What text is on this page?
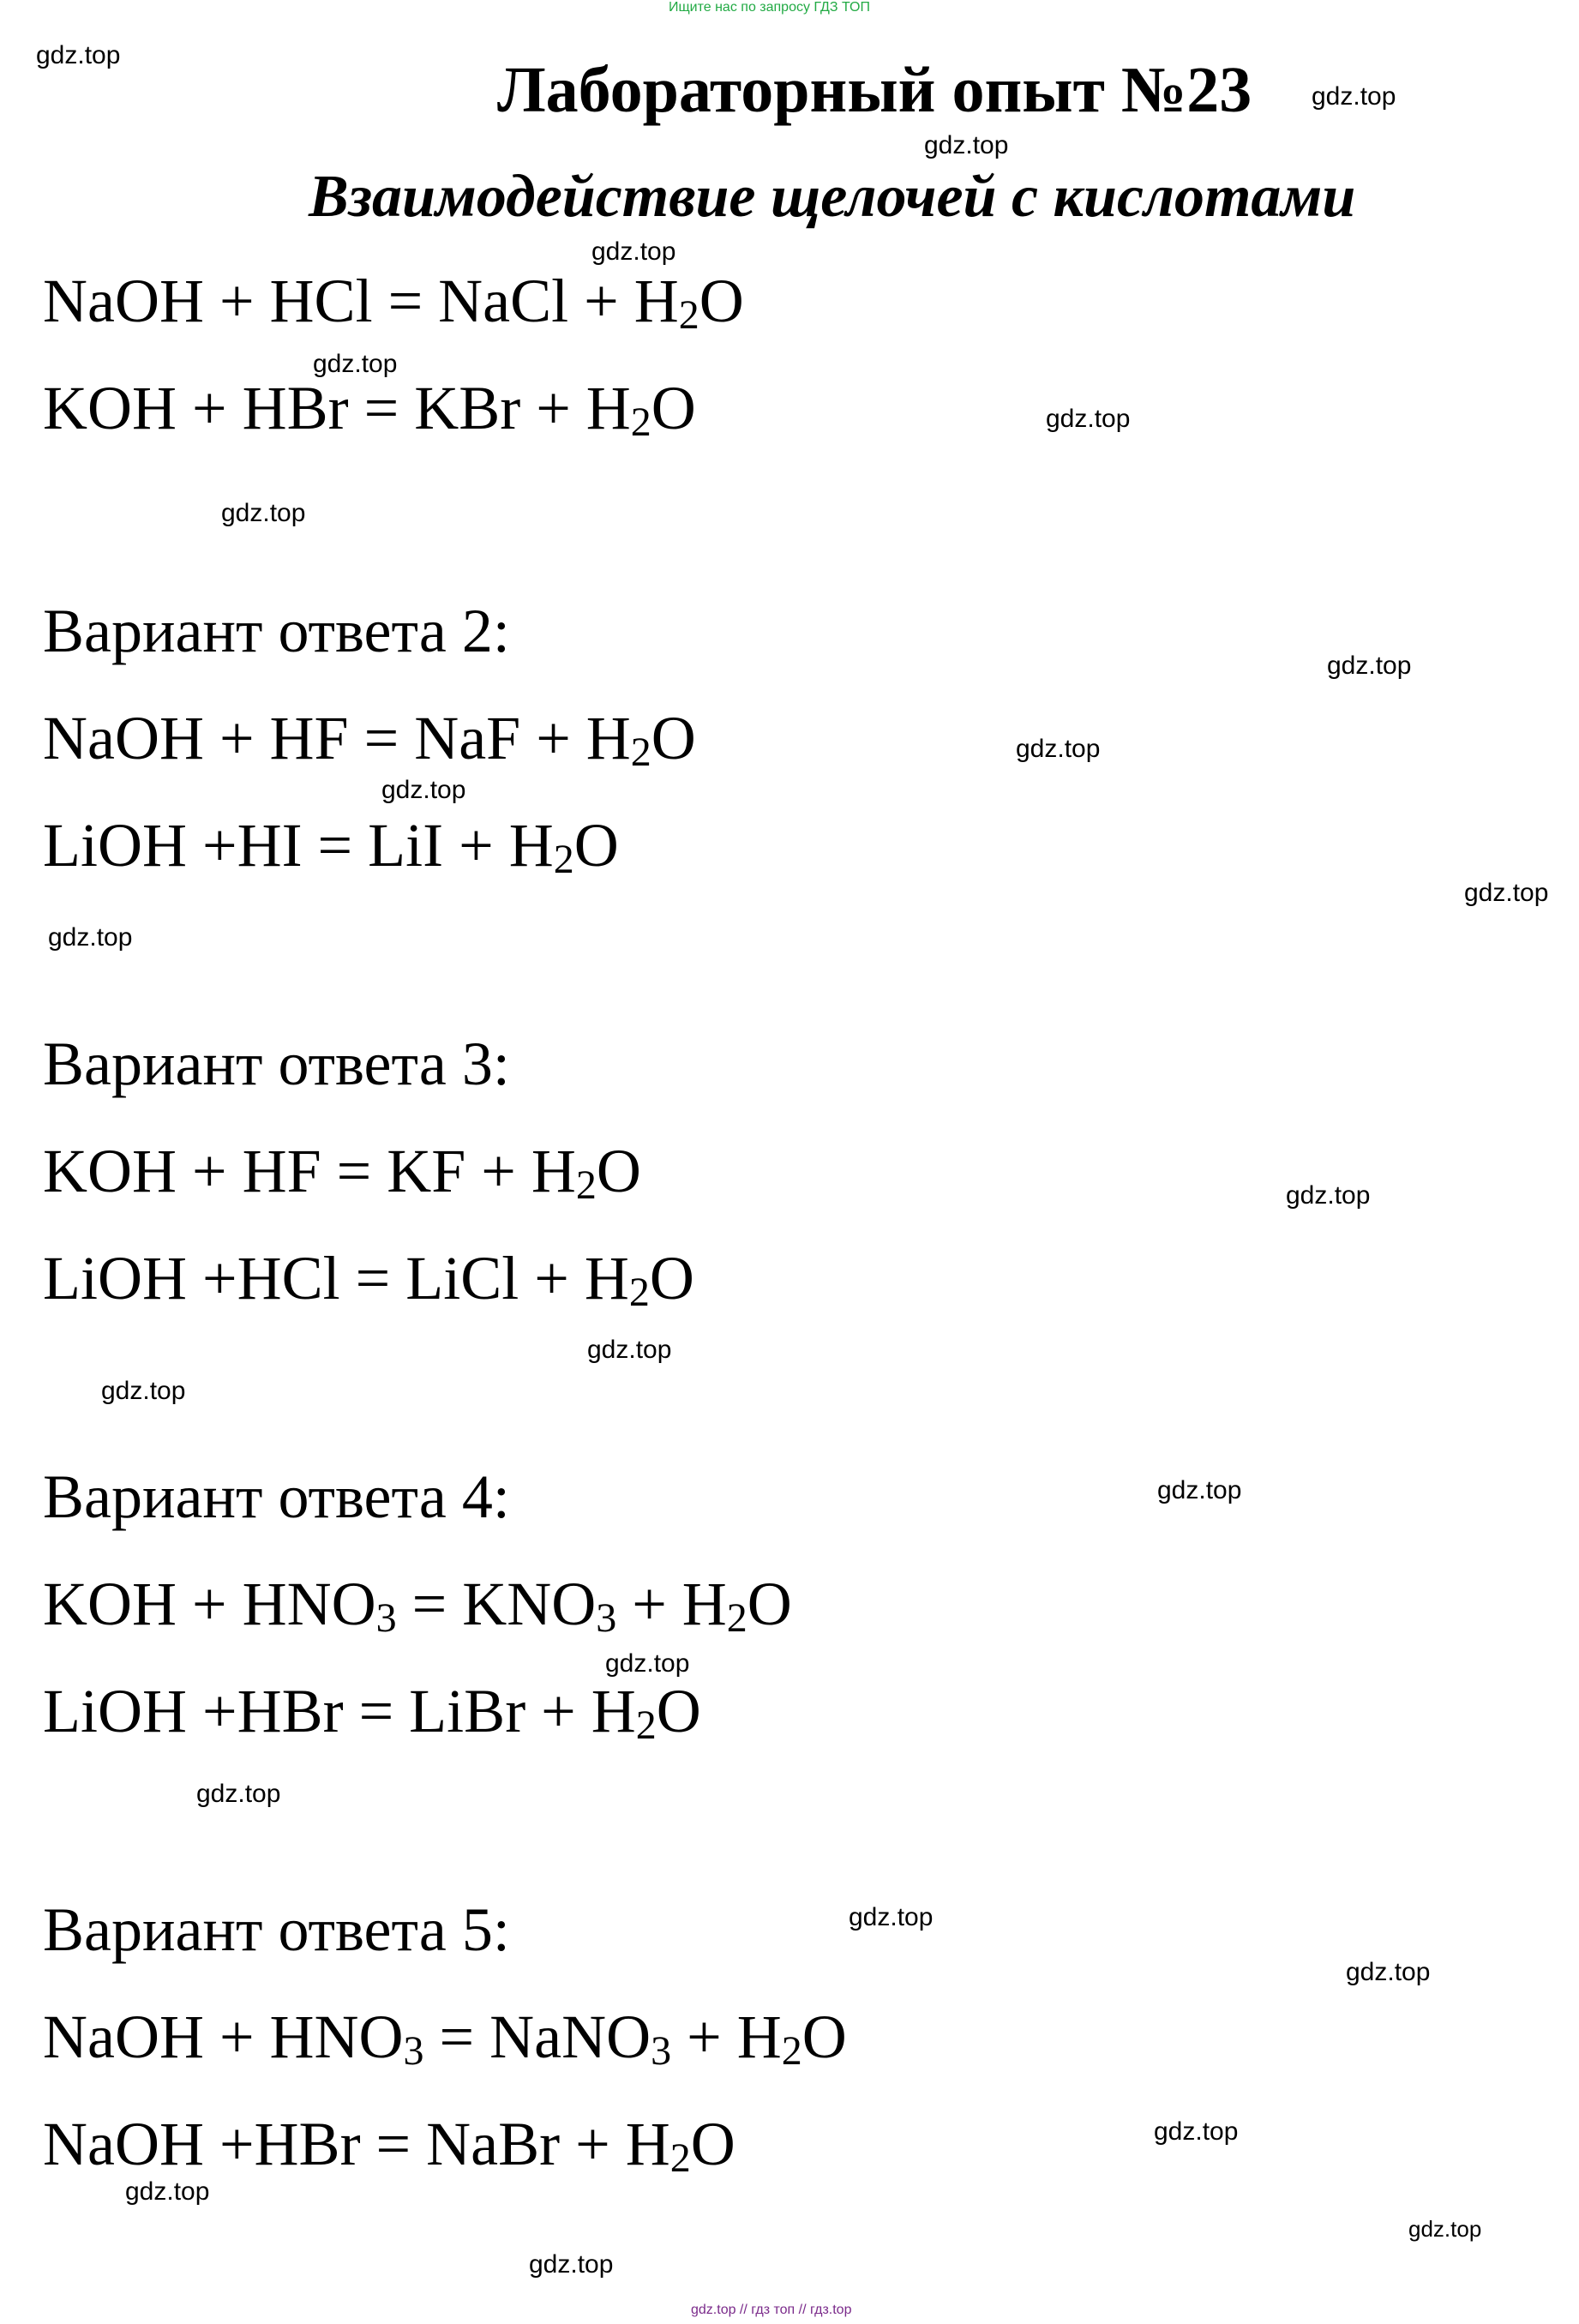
Ищите нас по запросу ГДЗ ТОП
Лабораторный опыт №23
Взаимодействие щелочей с кислотами
NaOH + HCl = NaCl + $H_2O$
KOH + HBr = KBr + $H_2O$
Вариант ответа 2:
NaOH + HF = NaF + $H_2O$
LiOH +HI = LiI + $H_2O$
Вариант ответа 3:
KOH + HF = KF + $H_2O$
LiOH +HCl = LiCl + $H_2O$
Вариант ответа 4:
KOH + $HNO_3 = KNO_3 + H_2O$
LiOH +HBr = LiBr + $H_2O$
Вариант ответа 5:
NaOH + $HNO_3$ = NaNO$_3$ + $H_2O$
NaOH +HBr = NaBr + $H_2O$
gdz.top
gdz.top
gdz.top
gdz.top
gdz.top
gdz.top
gdz.top
gdz.top
gdz.top
gdz.top
gdz.top
gdz.top
gdz.top
gdz.top
gdz.top
gdz.top
gdz.top
gdz.top
gdz.top
gdz.top
gdz.top
gdz.top
gdz.top
gdz.top
gdz.top // гдз топ // гдз.top
